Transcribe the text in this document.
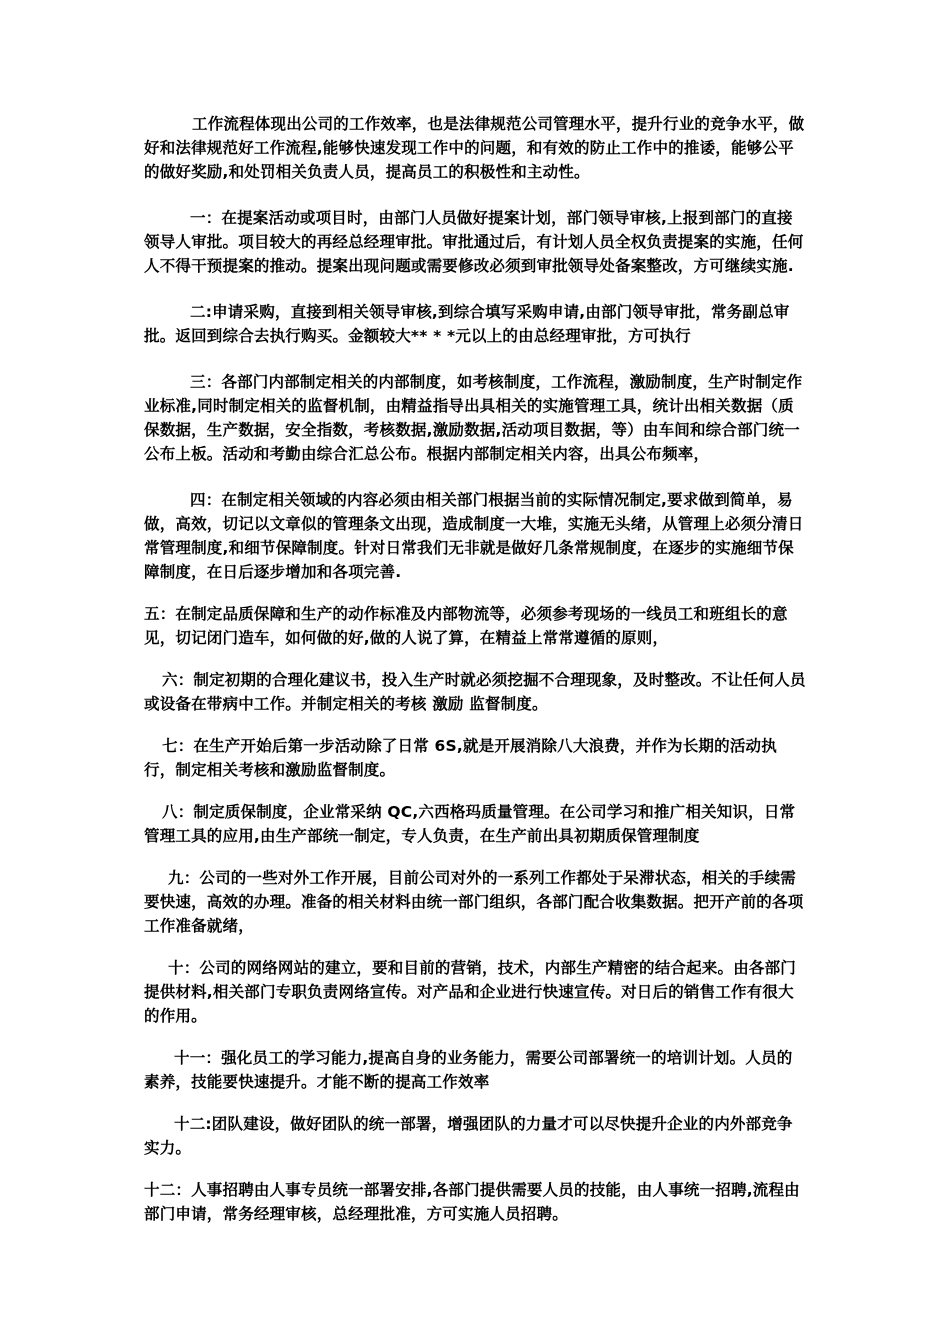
工作流程体现出公司的工作效率，也是法律规范公司管理水平，提升行业的竞争水平，做好和法律规范好工作流程,能够快速发现工作中的问题，和有效的防止工作中的推诿，能够公平的做好奖励,和处罚相关负责人员，提高员工的积极性和主动性。

一：在提案活动或项目时，由部门人员做好提案计划，部门领导审核,上报到部门的直接领导人审批。项目较大的再经总经理审批。审批通过后，有计划人员全权负责提案的实施，任何人不得干预提案的推动。提案出现问题或需要修改必须到审批领导处备案整改，方可继续实施.

二:申请采购，直接到相关领导审核,到综合填写采购申请,由部门领导审批，常务副总审批。返回到综合去执行购买。金额较大** * *元以上的由总经理审批，方可执行

三：各部门内部制定相关的内部制度，如考核制度，工作流程，激励制度，生产时制定作业标准,同时制定相关的监督机制，由精益指导出具相关的实施管理工具，统计出相关数据（质保数据，生产数据，安全指数，考核数据,激励数据,活动项目数据，等）由车间和综合部门统一公布上板。活动和考勤由综合汇总公布。根据内部制定相关内容，出具公布频率，

四：在制定相关领域的内容必须由相关部门根据当前的实际情况制定,要求做到简单，易做，高效，切记以文章似的管理条文出现，造成制度一大堆，实施无头绪，从管理上必须分清日常管理制度,和细节保障制度。针对日常我们无非就是做好几条常规制度，在逐步的实施细节保障制度，在日后逐步增加和各项完善.

五：在制定品质保障和生产的动作标准及内部物流等，必须参考现场的一线员工和班组长的意见，切记闭门造车，如何做的好,做的人说了算，在精益上常常遵循的原则，

六：制定初期的合理化建议书，投入生产时就必须挖掘不合理现象，及时整改。不让任何人员或设备在带病中工作。并制定相关的考核 激励 监督制度。

七：在生产开始后第一步活动除了日常 6S,就是开展消除八大浪费，并作为长期的活动执行，制定相关考核和激励监督制度。

八：制定质保制度，企业常采纳 QC,六西格玛质量管理。在公司学习和推广相关知识，日常管理工具的应用,由生产部统一制定，专人负责，在生产前出具初期质保管理制度

九：公司的一些对外工作开展，目前公司对外的一系列工作都处于呆滞状态，相关的手续需要快速，高效的办理。准备的相关材料由统一部门组织，各部门配合收集数据。把开产前的各项工作准备就绪，

十：公司的网络网站的建立，要和目前的营销，技术，内部生产精密的结合起来。由各部门提供材料,相关部门专职负责网络宣传。对产品和企业进行快速宣传。对日后的销售工作有很大的作用。

十一：强化员工的学习能力,提高自身的业务能力，需要公司部署统一的培训计划。人员的素养，技能要快速提升。才能不断的提高工作效率

十二:团队建设，做好团队的统一部署，增强团队的力量才可以尽快提升企业的内外部竞争实力。

十二：人事招聘由人事专员统一部署安排,各部门提供需要人员的技能，由人事统一招聘,流程由部门申请，常务经理审核，总经理批准，方可实施人员招聘。
